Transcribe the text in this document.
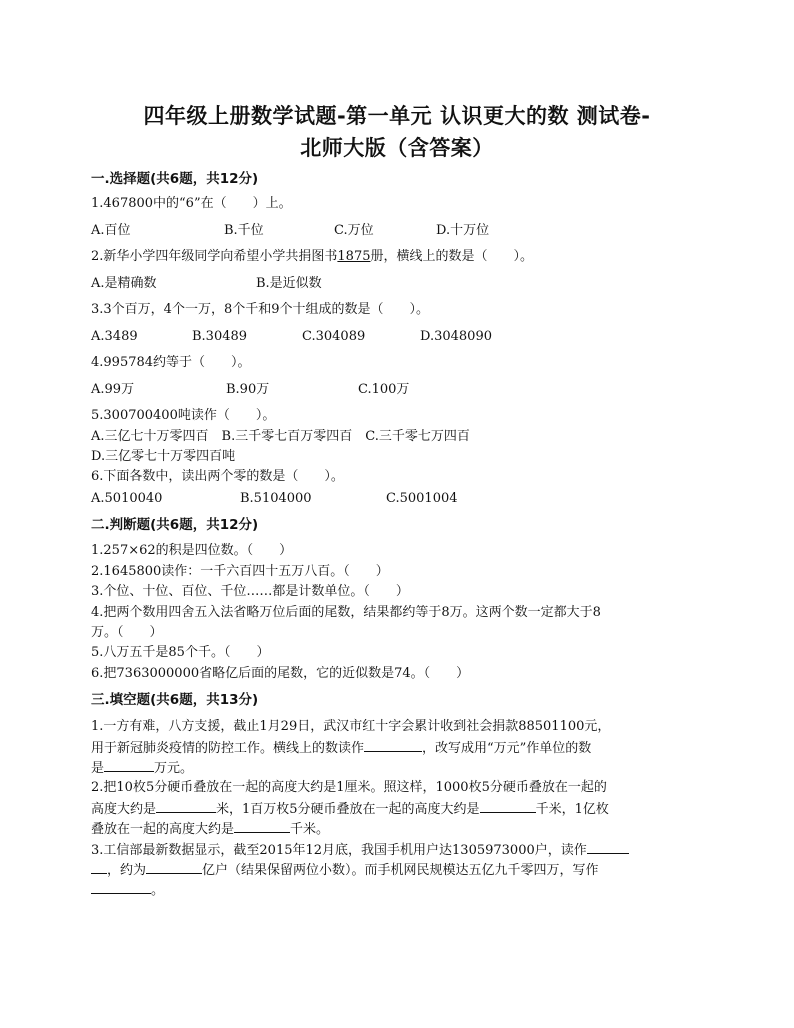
四年级上册数学试题-第一单元 认识更大的数 测试卷-
北师大版（含答案）
一.选择题(共6题，共12分)
1.467800中的“6”在（　　）上。
A.百位	B.千位	C.万位	D.十万位
2.新华小学四年级同学向希望小学共捐图书1875册，横线上的数是（　　）。
A.是精确数	B.是近似数
3.3个百万，4个一万，8个千和9个十组成的数是（　　）。
A.3489	B.30489	C.304089	D.3048090
4.995784约等于（　　）。
A.99万	B.90万	C.100万
5.300700400吨读作（　　）。
A.三亿七十万零四百　B.三千零七百万零四百　C.三千零七万四百
D.三亿零七十万零四百吨
6.下面各数中，读出两个零的数是（　　）。
A.5010040	B.5104000	C.5001004
二.判断题(共6题，共12分)
1.257×62的积是四位数。（　　）
2.1645800读作：一千六百四十五万八百。（　　）
3.个位、十位、百位、千位……都是计数单位。（　　）
4.把两个数用四舍五入法省略万位后面的尾数，结果都约等于8万。这两个数一定都大于8
万。（　　）
5.八万五千是85个千。（　　）
6.把7363000000省略亿后面的尾数，它的近似数是74。（　　）
三.填空题(共6题，共13分)
1.一方有难，八方支援，截止1月29日，武汉市红十字会累计收到社会捐款88501100元，
用于新冠肺炎疫情的防控工作。横线上的数读作	，改写成用“万元”作单位的数
是	万元。
2.把10枚5分硬币叠放在一起的高度大约是1厘米。照这样，1000枚5分硬币叠放在一起的
高度大约是	米，1百万枚5分硬币叠放在一起的高度大约是	千米，1亿枚
叠放在一起的高度大约是	千米。
3.工信部最新数据显示，截至2015年12月底，我国手机用户达1305973000户，读作
，约为	亿户（结果保留两位小数）。而手机网民规模达五亿九千零四万，写作
。
